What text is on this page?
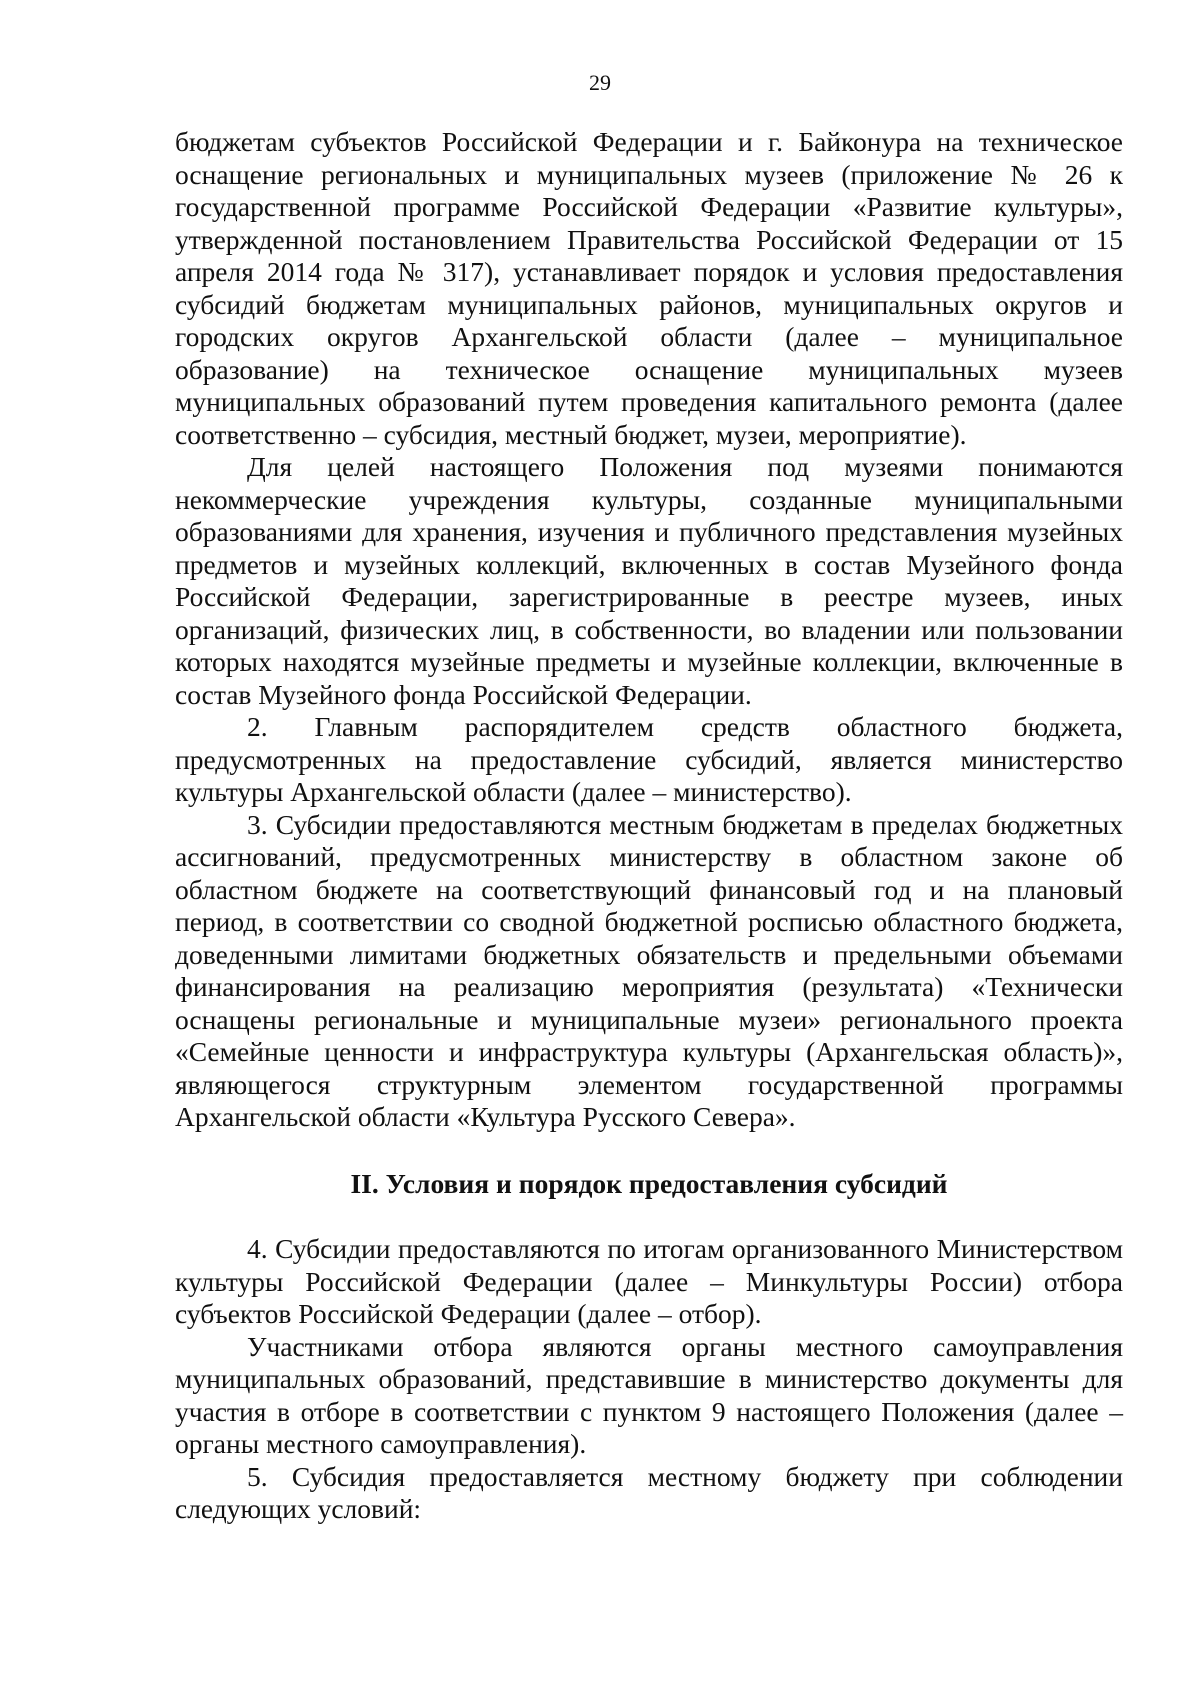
29

бюджетам субъектов Российской Федерации и г. Байконура на техническое оснащение региональных и муниципальных музеев (приложение № 26 к государственной программе Российской Федерации «Развитие культуры», утвержденной постановлением Правительства Российской Федерации от 15 апреля 2014 года № 317), устанавливает порядок и условия предоставления субсидий бюджетам муниципальных районов, муниципальных округов и городских округов Архангельской области (далее – муниципальное образование) на техническое оснащение муниципальных музеев муниципальных образований путем проведения капитального ремонта (далее соответственно – субсидия, местный бюджет, музеи, мероприятие).

Для целей настоящего Положения под музеями понимаются некоммерческие учреждения культуры, созданные муниципальными образованиями для хранения, изучения и публичного представления музейных предметов и музейных коллекций, включенных в состав Музейного фонда Российской Федерации, зарегистрированные в реестре музеев, иных организаций, физических лиц, в собственности, во владении или пользовании которых находятся музейные предметы и музейные коллекции, включенные в состав Музейного фонда Российской Федерации.

2. Главным распорядителем средств областного бюджета, предусмотренных на предоставление субсидий, является министерство культуры Архангельской области (далее – министерство).

3. Субсидии предоставляются местным бюджетам в пределах бюджетных ассигнований, предусмотренных министерству в областном законе об областном бюджете на соответствующий финансовый год и на плановый период, в соответствии со сводной бюджетной росписью областного бюджета, доведенными лимитами бюджетных обязательств и предельными объемами финансирования на реализацию мероприятия (результата) «Технически оснащены региональные и муниципальные музеи» регионального проекта «Семейные ценности и инфраструктура культуры (Архангельская область)», являющегося структурным элементом государственной программы Архангельской области «Культура Русского Севера».

II. Условия и порядок предоставления субсидий

4. Субсидии предоставляются по итогам организованного Министерством культуры Российской Федерации (далее – Минкультуры России) отбора субъектов Российской Федерации (далее – отбор).

Участниками отбора являются органы местного самоуправления муниципальных образований, представившие в министерство документы для участия в отборе в соответствии с пунктом 9 настоящего Положения (далее – органы местного самоуправления).

5. Субсидия предоставляется местному бюджету при соблюдении следующих условий:
